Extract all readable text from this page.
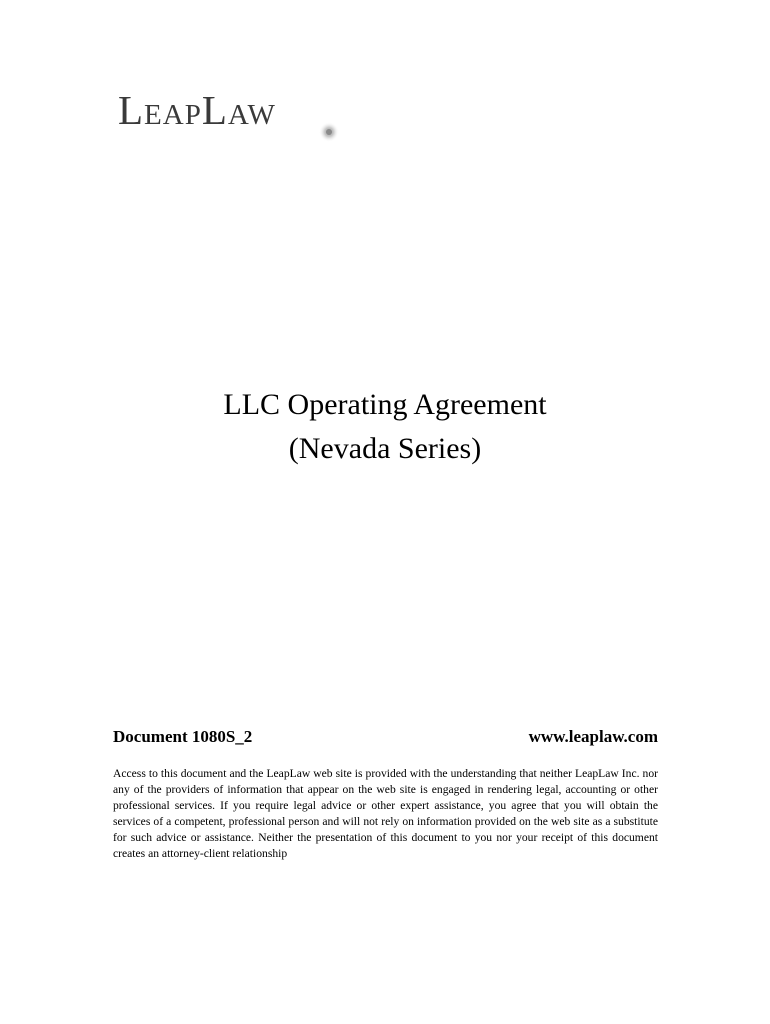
LeapLaw
LLC Operating Agreement
(Nevada Series)
Document 1080S_2	www.leaplaw.com
Access to this document and the LeapLaw web site is provided with the understanding that neither LeapLaw Inc. nor any of the providers of information that appear on the web site is engaged in rendering legal, accounting or other professional services. If you require legal advice or other expert assistance, you agree that you will obtain the services of a competent, professional person and will not rely on information provided on the web site as a substitute for such advice or assistance. Neither the presentation of this document to you nor your receipt of this document creates an attorney-client relationship
